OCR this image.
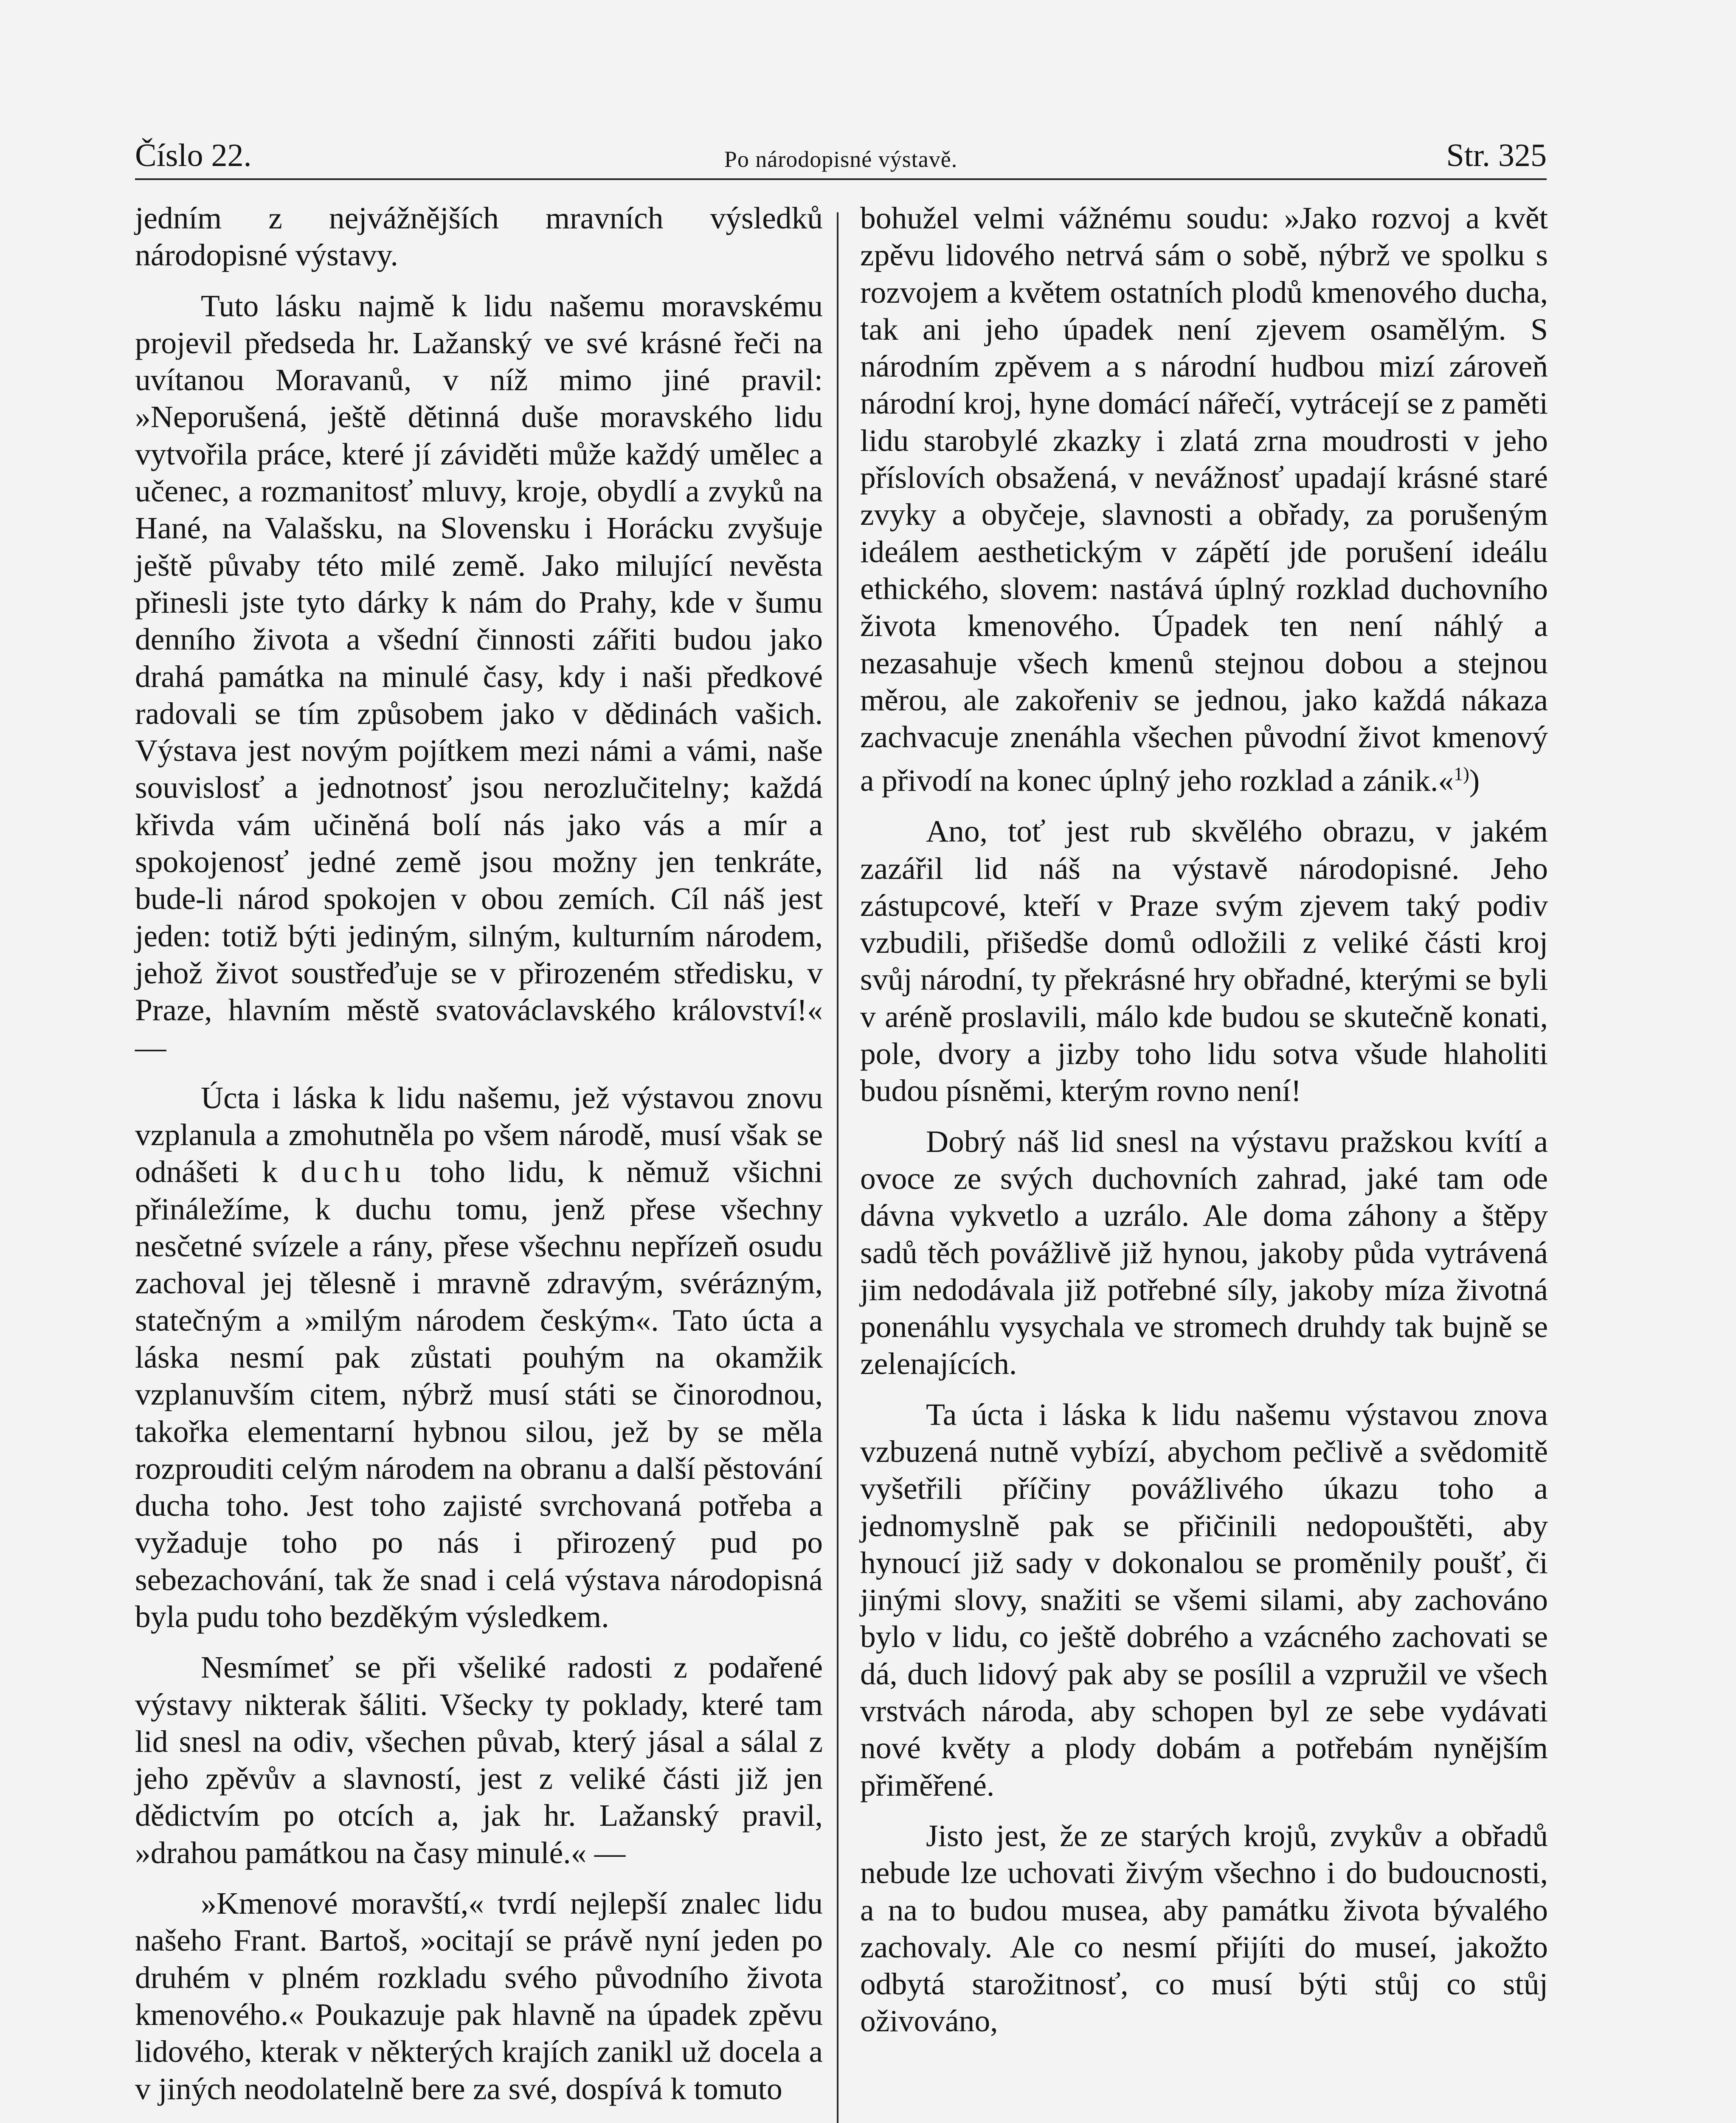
Číslo 22.	Po národopisné výstavě.	Str. 325

jedním z nejvážnějších mravních výsledků národopisné výstavy.

Tuto lásku najmě k lidu našemu moravskému projevil předseda hr. Lažanský ve své krásné řeči na uvítanou Moravanů, v níž mimo jiné pravil: »Neporušená, ještě dětinná duše moravského lidu vytvořila práce, které jí záviděti může každý umělec a učenec, a rozmanitosť mluvy, kroje, obydlí a zvyků na Hané, na Valašsku, na Slovensku i Horácku zvyšuje ještě půvaby této milé země. Jako milující nevěsta přinesli jste tyto dárky k nám do Prahy, kde v šumu denního života a všední činnosti zářiti budou jako drahá památka na minulé časy, kdy i naši předkové radovali se tím způsobem jako v dědinách vašich. Výstava jest novým pojítkem mezi námi a vámi, naše souvislosť a jednotnosť jsou nerozlučitelny; každá křivda vám učiněná bolí nás jako vás a mír a spokojenosť jedné země jsou možny jen tenkráte, bude-li národ spokojen v obou zemích. Cíl náš jest jeden: totiž býti jediným, silným, kulturním národem, jehož život soustřeďuje se v přirozeném středisku, v Praze, hlavním městě svatováclavského království!« —

Úcta i láska k lidu našemu, jež výstavou znovu vzplanula a zmohutněla po všem národě, musí však se odnášeti k duchu toho lidu, k němuž všichni přináležíme, k duchu tomu, jenž přese všechny nesčetné svízele a rány, přese všechnu nepřízeň osudu zachoval jej tělesně i mravně zdravým, svérázným, statečným a »milým národem českým«. Tato úcta a láska nesmí pak zůstati pouhým na okamžik vzplanuvším citem, nýbrž musí státi se činorodnou, takořka elementarní hybnou silou, jež by se měla rozprouditi celým národem na obranu a další pěstování ducha toho. Jest toho zajisté svrchovaná potřeba a vyžaduje toho po nás i přirozený pud po sebezachování, tak že snad i celá výstava národopisná byla pudu toho bezděkým výsledkem.

Nesmímeť se při všeliké radosti z podařené výstavy nikterak šáliti. Všecky ty poklady, které tam lid snesl na odiv, všechen půvab, který jásal a sálal z jeho zpěvův a slavností, jest z veliké části již jen dědictvím po otcích a, jak hr. Lažanský pravil, »drahou památkou na časy minulé.« —

»Kmenové moravští,« tvrdí nejlepší znalec lidu našeho Frant. Bartoš, »ocitají se právě nyní jeden po druhém v plném rozkladu svého původního života kmenového.« Poukazuje pak hlavně na úpadek zpěvu lidového, kterak v některých krajích zanikl už docela a v jiných neodolatelně bere za své, dospívá k tomuto

bohužel velmi vážnému soudu: »Jako rozvoj a květ zpěvu lidového netrvá sám o sobě, nýbrž ve spolku s rozvojem a květem ostatních plodů kmenového ducha, tak ani jeho úpadek není zjevem osamělým. S národním zpěvem a s národní hudbou mizí zároveň národní kroj, hyne domácí nářečí, vytrácejí se z paměti lidu starobylé zkazky i zlatá zrna moudrosti v jeho příslovích obsažená, v nevážnosť upadají krásné staré zvyky a obyčeje, slavnosti a obřady, za porušeným ideálem aesthetickým v zápětí jde porušení ideálu ethického, slovem: nastává úplný rozklad duchovního života kmenového. Úpadek ten není náhlý a nezasahuje všech kmenů stejnou dobou a stejnou měrou, ale zakořeniv se jednou, jako každá nákaza zachvacuje znenáhla všechen původní život kmenový a přivodí na konec úplný jeho rozklad a zánik.«$^{1)}$)

Ano, toť jest rub skvělého obrazu, v jakém zazářil lid náš na výstavě národopisné. Jeho zástupcové, kteří v Praze svým zjevem taký podiv vzbudili, přišedše domů odložili z veliké části kroj svůj národní, ty překrásné hry obřadné, kterými se byli v aréně proslavili, málo kde budou se skutečně konati, pole, dvory a jizby toho lidu sotva všude hlaholiti budou písněmi, kterým rovno není!

Dobrý náš lid snesl na výstavu pražskou kvítí a ovoce ze svých duchovních zahrad, jaké tam ode dávna vykvetlo a uzrálo. Ale doma záhony a štěpy sadů těch povážlivě již hynou, jakoby půda vytrávená jim nedodávala již potřebné síly, jakoby míza životná ponenáhlu vysychala ve stromech druhdy tak bujně se zelenajících.

Ta úcta i láska k lidu našemu výstavou znova vzbuzená nutně vybízí, abychom pečlivě a svědomitě vyšetřili příčiny povážlivého úkazu toho a jednomyslně pak se přičinili nedopouštěti, aby hynoucí již sady v dokonalou se proměnily poušť, či jinými slovy, snažiti se všemi silami, aby zachováno bylo v lidu, co ještě dobrého a vzácného zachovati se dá, duch lidový pak aby se posílil a vzpružil ve všech vrstvách národa, aby schopen byl ze sebe vydávati nové květy a plody dobám a potřebám nynějším přiměřené.

Jisto jest, že ze starých krojů, zvykův a obřadů nebude lze uchovati živým všechno i do budoucnosti, a na to budou musea, aby památku života bývalého zachovaly. Ale co nesmí přijíti do museí, jakožto odbytá starožitnosť, co musí býti stůj co stůj oživováno,
